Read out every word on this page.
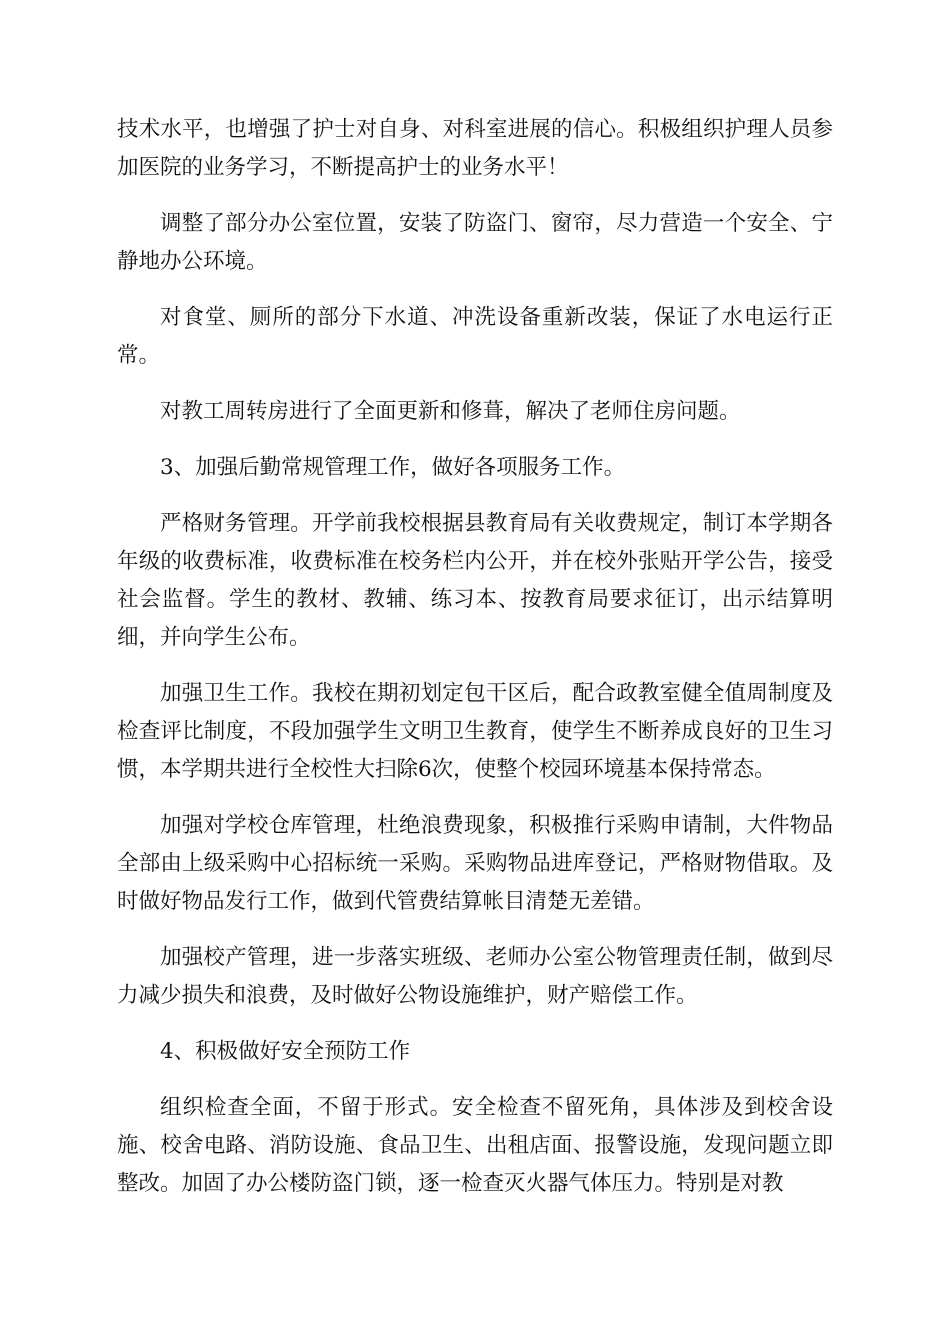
技术水平，也增强了护士对自身、对科室进展的信心。积极组织护理人员参加医院的业务学习，不断提高护士的业务水平！

调整了部分办公室位置，安装了防盗门、窗帘，尽力营造一个安全、宁静地办公环境。

对食堂、厕所的部分下水道、冲洗设备重新改装，保证了水电运行正常。

对教工周转房进行了全面更新和修葺，解决了老师住房问题。

3、加强后勤常规管理工作，做好各项服务工作。

严格财务管理。开学前我校根据县教育局有关收费规定，制订本学期各年级的收费标准，收费标准在校务栏内公开，并在校外张贴开学公告，接受社会监督。学生的教材、教辅、练习本、按教育局要求征订，出示结算明细，并向学生公布。

加强卫生工作。我校在期初划定包干区后，配合政教室健全值周制度及检查评比制度，不段加强学生文明卫生教育，使学生不断养成良好的卫生习惯，本学期共进行全校性大扫除6次，使整个校园环境基本保持常态。

加强对学校仓库管理，杜绝浪费现象，积极推行采购申请制，大件物品全部由上级采购中心招标统一采购。采购物品进库登记，严格财物借取。及时做好物品发行工作，做到代管费结算帐目清楚无差错。

加强校产管理，进一步落实班级、老师办公室公物管理责任制，做到尽力减少损失和浪费，及时做好公物设施维护，财产赔偿工作。

4、积极做好安全预防工作

组织检查全面，不留于形式。安全检查不留死角，具体涉及到校舍设施、校舍电路、消防设施、食品卫生、出租店面、报警设施，发现问题立即整改。加固了办公楼防盗门锁，逐一检查灭火器气体压力。特别是对教
